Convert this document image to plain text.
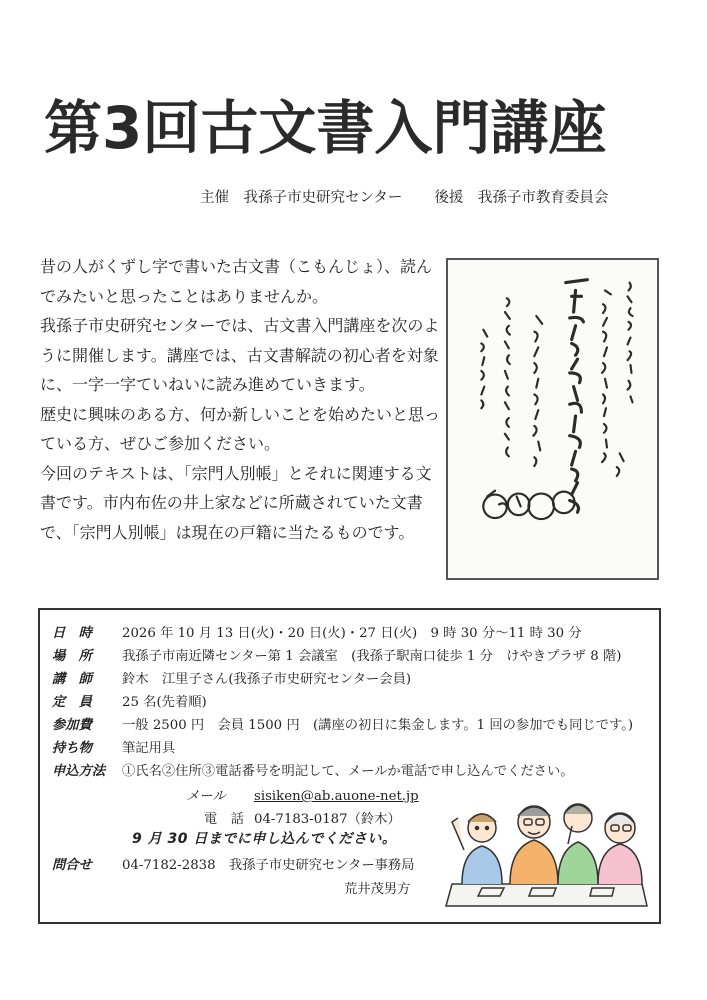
第3回古文書入門講座
主催　我孫子市史研究センター 後援　我孫子市教育委員会

昔の人がくずし字で書いた古文書（こもんじょ）、読んでみたいと思ったことはありませんか。

我孫子市史研究センターでは、古文書入門講座を次のように開催します。講座では、古文書解読の初心者を対象に、一字一字ていねいに読み進めていきます。

歴史に興味のある方、何か新しいことを始めたいと思っている方、ぜひご参加ください。

今回のテキストは、「宗門人別帳」とそれに関連する文書です。市内布佐の井上家などに所蔵されていた文書で、「宗門人別帳」は現在の戸籍に当たるものです。

日　時 2026 年 10 月 13 日(火)・20 日(火)・27 日(火)　9 時 30 分～11 時 30 分
場　所 我孫子市南近隣センター第 1 会議室　(我孫子駅南口徒歩 1 分　けやきプラザ 8 階)
講　師 鈴木　江里子さん(我孫子市史研究センター会員)
定　員 25 名(先着順)
参加費 一般 2500 円　会員 1500 円　(講座の初日に集金します。1 回の参加でも同じです。)
持ち物 筆記用具
申込方法 ①氏名②住所③電話番号を明記して、メールか電話で申し込んでください。
メール sisiken@ab.auone-net.jp
電　話 04-7183-0187（鈴木）
9 月 30 日までに申し込んでください。
問合せ 04-7182-2838　我孫子市史研究センター事務局
荒井茂男方
